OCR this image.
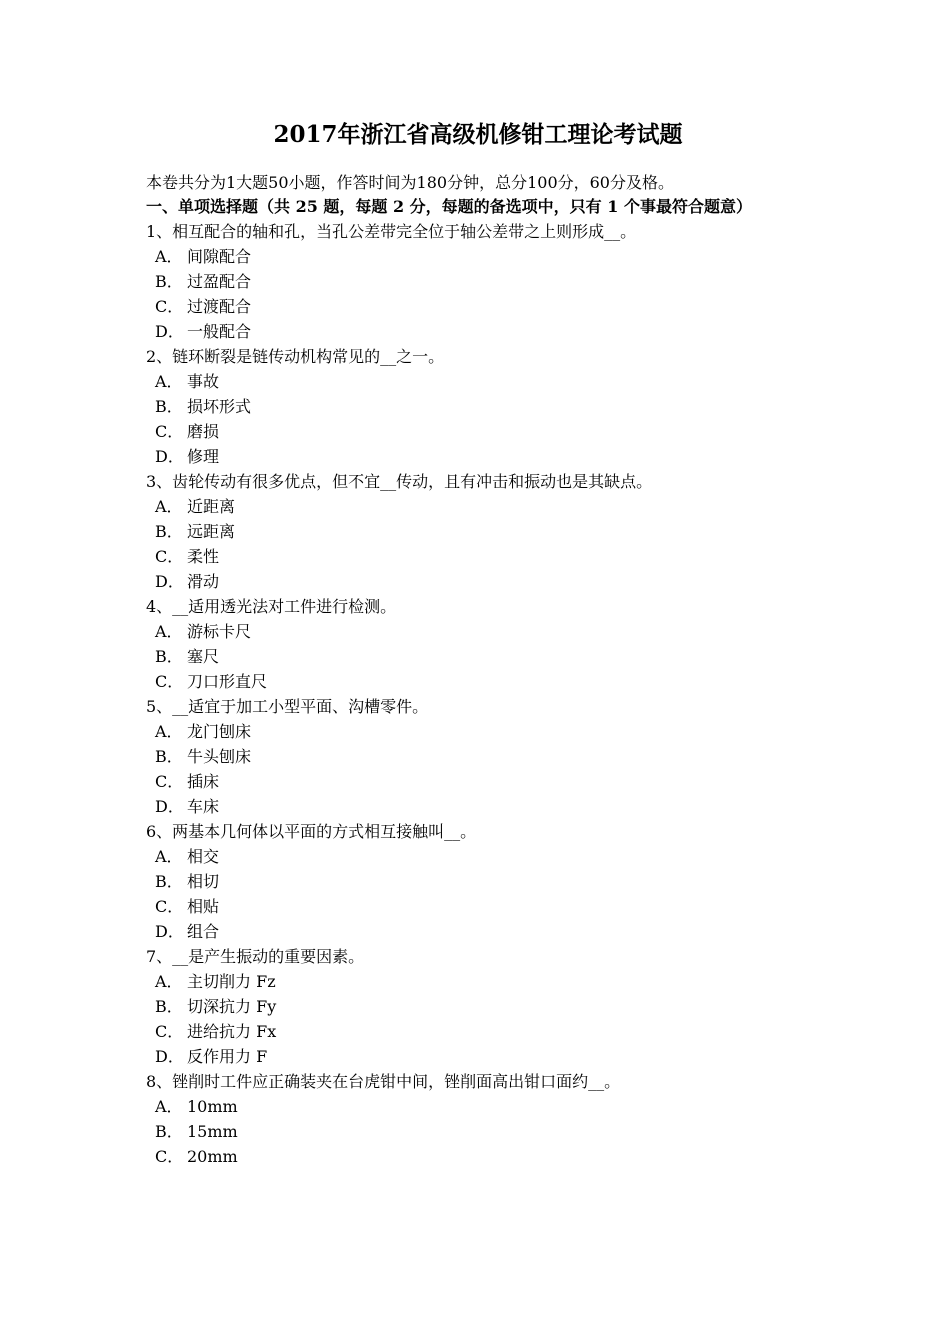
2017年浙江省高级机修钳工理论考试题

本卷共分为1大题50小题，作答时间为180分钟，总分100分，60分及格。

一、单项选择题（共 25 题，每题 2 分，每题的备选项中，只有 1 个事最符合题意）

1、相互配合的轴和孔，当孔公差带完全位于轴公差带之上则形成__。

A． 间隙配合

B． 过盈配合

C． 过渡配合

D． 一般配合

2、链环断裂是链传动机构常见的__之一。

A． 事故

B． 损坏形式

C． 磨损

D． 修理

3、齿轮传动有很多优点，但不宜__传动，且有冲击和振动也是其缺点。

A． 近距离

B． 远距离

C． 柔性

D． 滑动

4、__适用透光法对工件进行检测。

A． 游标卡尺

B． 塞尺

C． 刀口形直尺

5、__适宜于加工小型平面、沟槽零件。

A． 龙门刨床

B． 牛头刨床

C． 插床

D． 车床

6、两基本几何体以平面的方式相互接触叫__。

A． 相交

B． 相切

C． 相贴

D． 组合

7、__是产生振动的重要因素。

A． 主切削力 Fz

B． 切深抗力 Fy

C． 进给抗力 Fx

D． 反作用力 F

8、锉削时工件应正确装夹在台虎钳中间，锉削面高出钳口面约__。

A． 10mm

B． 15mm

C． 20mm
